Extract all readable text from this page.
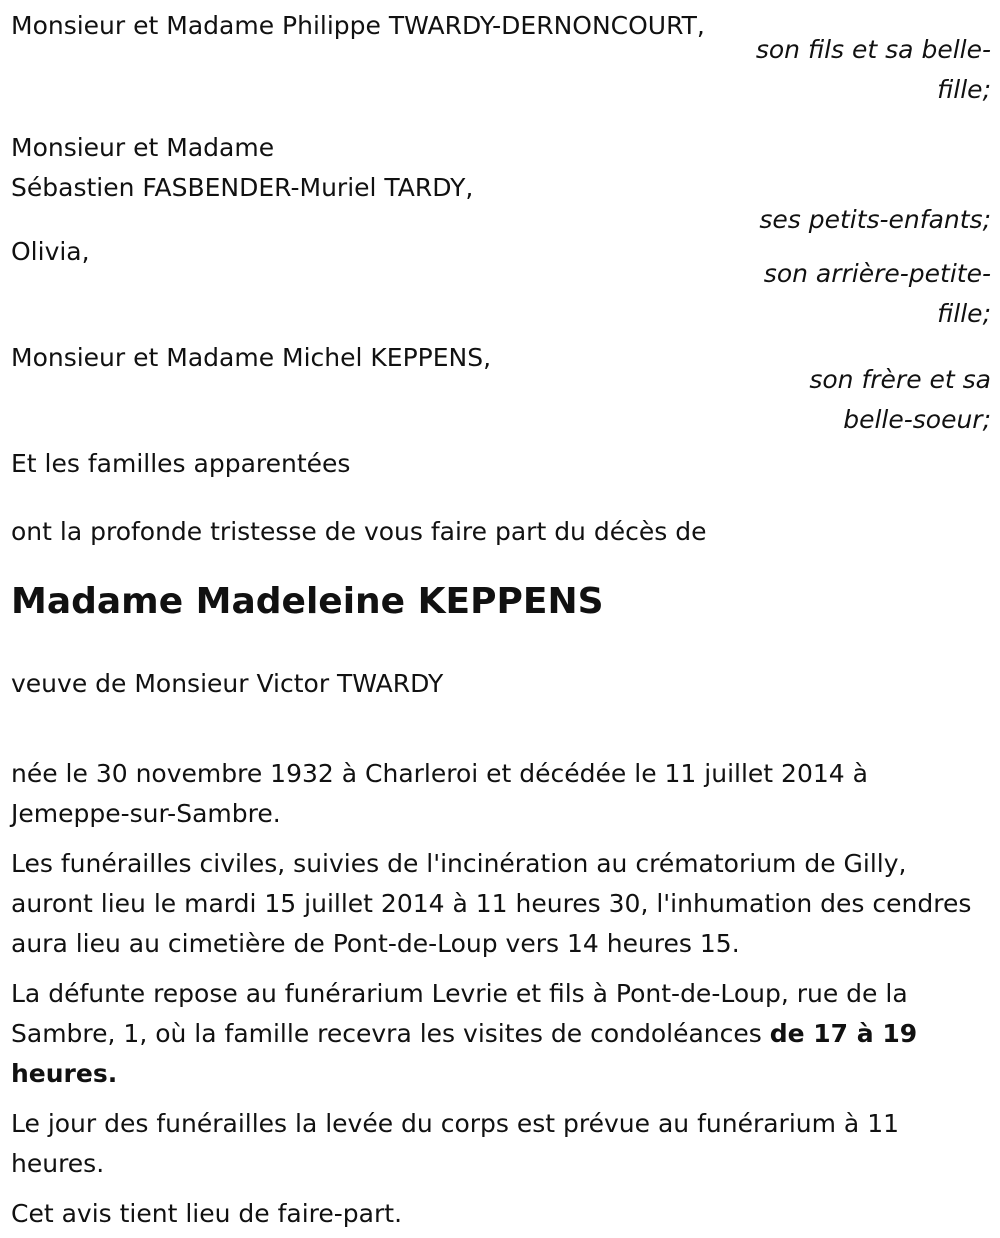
Monsieur et Madame Philippe TWARDY-DERNONCOURT,
son fils et sa belle-fille;
Monsieur et Madame
Sébastien FASBENDER-Muriel TARDY,
ses petits-enfants;
Olivia,
son arrière-petite-fille;
Monsieur et Madame Michel KEPPENS,
son frère et sa belle-soeur;

Et les familles apparentées

ont la profonde tristesse de vous faire part du décès de

Madame Madeleine KEPPENS

veuve de Monsieur Victor TWARDY

née le 30 novembre 1932 à Charleroi et décédée le 11 juillet 2014 à Jemeppe-sur-Sambre.

Les funérailles civiles, suivies de l'incinération au crématorium de Gilly, auront lieu le mardi 15 juillet 2014 à 11 heures 30, l'inhumation des cendres aura lieu au cimetière de Pont-de-Loup vers 14 heures 15.

La défunte repose au funérarium Levrie et fils à Pont-de-Loup, rue de la Sambre, 1, où la famille recevra les visites de condoléances de 17 à 19 heures.

Le jour des funérailles la levée du corps est prévue au funérarium à 11 heures.

Cet avis tient lieu de faire-part.
